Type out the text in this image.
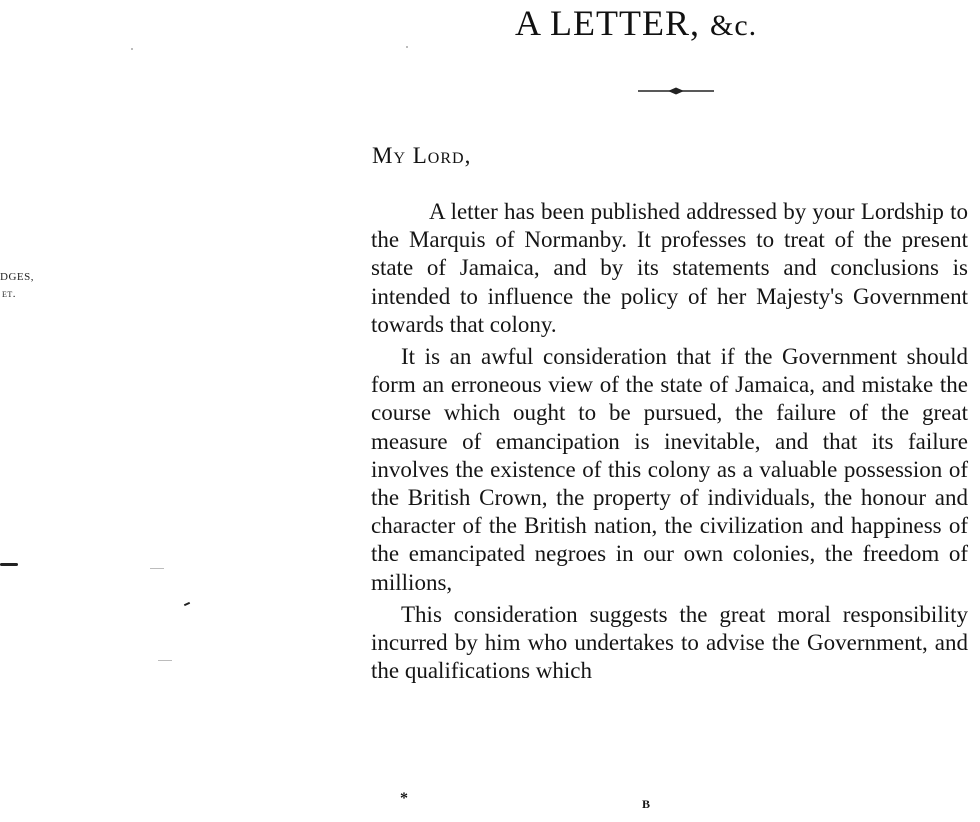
DGES,
et.
A LETTER, &c.
My Lord,

A letter has been published addressed by your Lordship to the Marquis of Normanby. It professes to treat of the present state of Jamaica, and by its statements and conclusions is intended to influence the policy of her Majesty's Government towards that colony.

It is an awful consideration that if the Government should form an erroneous view of the state of Jamaica, and mistake the course which ought to be pursued, the failure of the great measure of emancipation is inevitable, and that its failure involves the existence of this colony as a valuable possession of the British Crown, the property of individuals, the honour and character of the British nation, the civilization and happiness of the emancipated negroes in our own colonies, the freedom of millions,

This consideration suggests the great moral responsibility incurred by him who undertakes to advise the Government, and the qualifications which

*	B
